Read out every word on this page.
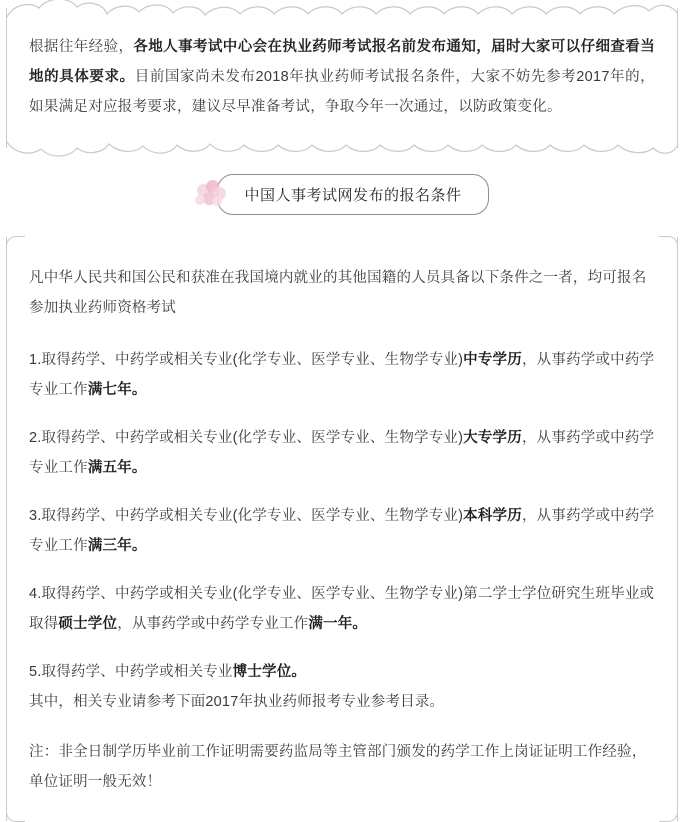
根据往年经验，各地人事考试中心会在执业药师考试报名前发布通知，届时大家可以仔细查看当地的具体要求。目前国家尚未发布2018年执业药师考试报名条件，大家不妨先参考2017年的，如果满足对应报考要求，建议尽早准备考试，争取今年一次通过，以防政策变化。

中国人事考试网发布的报名条件

凡中华人民共和国公民和获准在我国境内就业的其他国籍的人员具备以下条件之一者，均可报名参加执业药师资格考试

1.取得药学、中药学或相关专业(化学专业、医学专业、生物学专业)中专学历，从事药学或中药学专业工作满七年。

2.取得药学、中药学或相关专业(化学专业、医学专业、生物学专业)大专学历，从事药学或中药学专业工作满五年。

3.取得药学、中药学或相关专业(化学专业、医学专业、生物学专业)本科学历，从事药学或中药学专业工作满三年。

4.取得药学、中药学或相关专业(化学专业、医学专业、生物学专业)第二学士学位研究生班毕业或取得硕士学位，从事药学或中药学专业工作满一年。

5.取得药学、中药学或相关专业博士学位。

其中，相关专业请参考下面2017年执业药师报考专业参考目录。

注：非全日制学历毕业前工作证明需要药监局等主管部门颁发的药学工作上岗证证明工作经验，单位证明一般无效！
